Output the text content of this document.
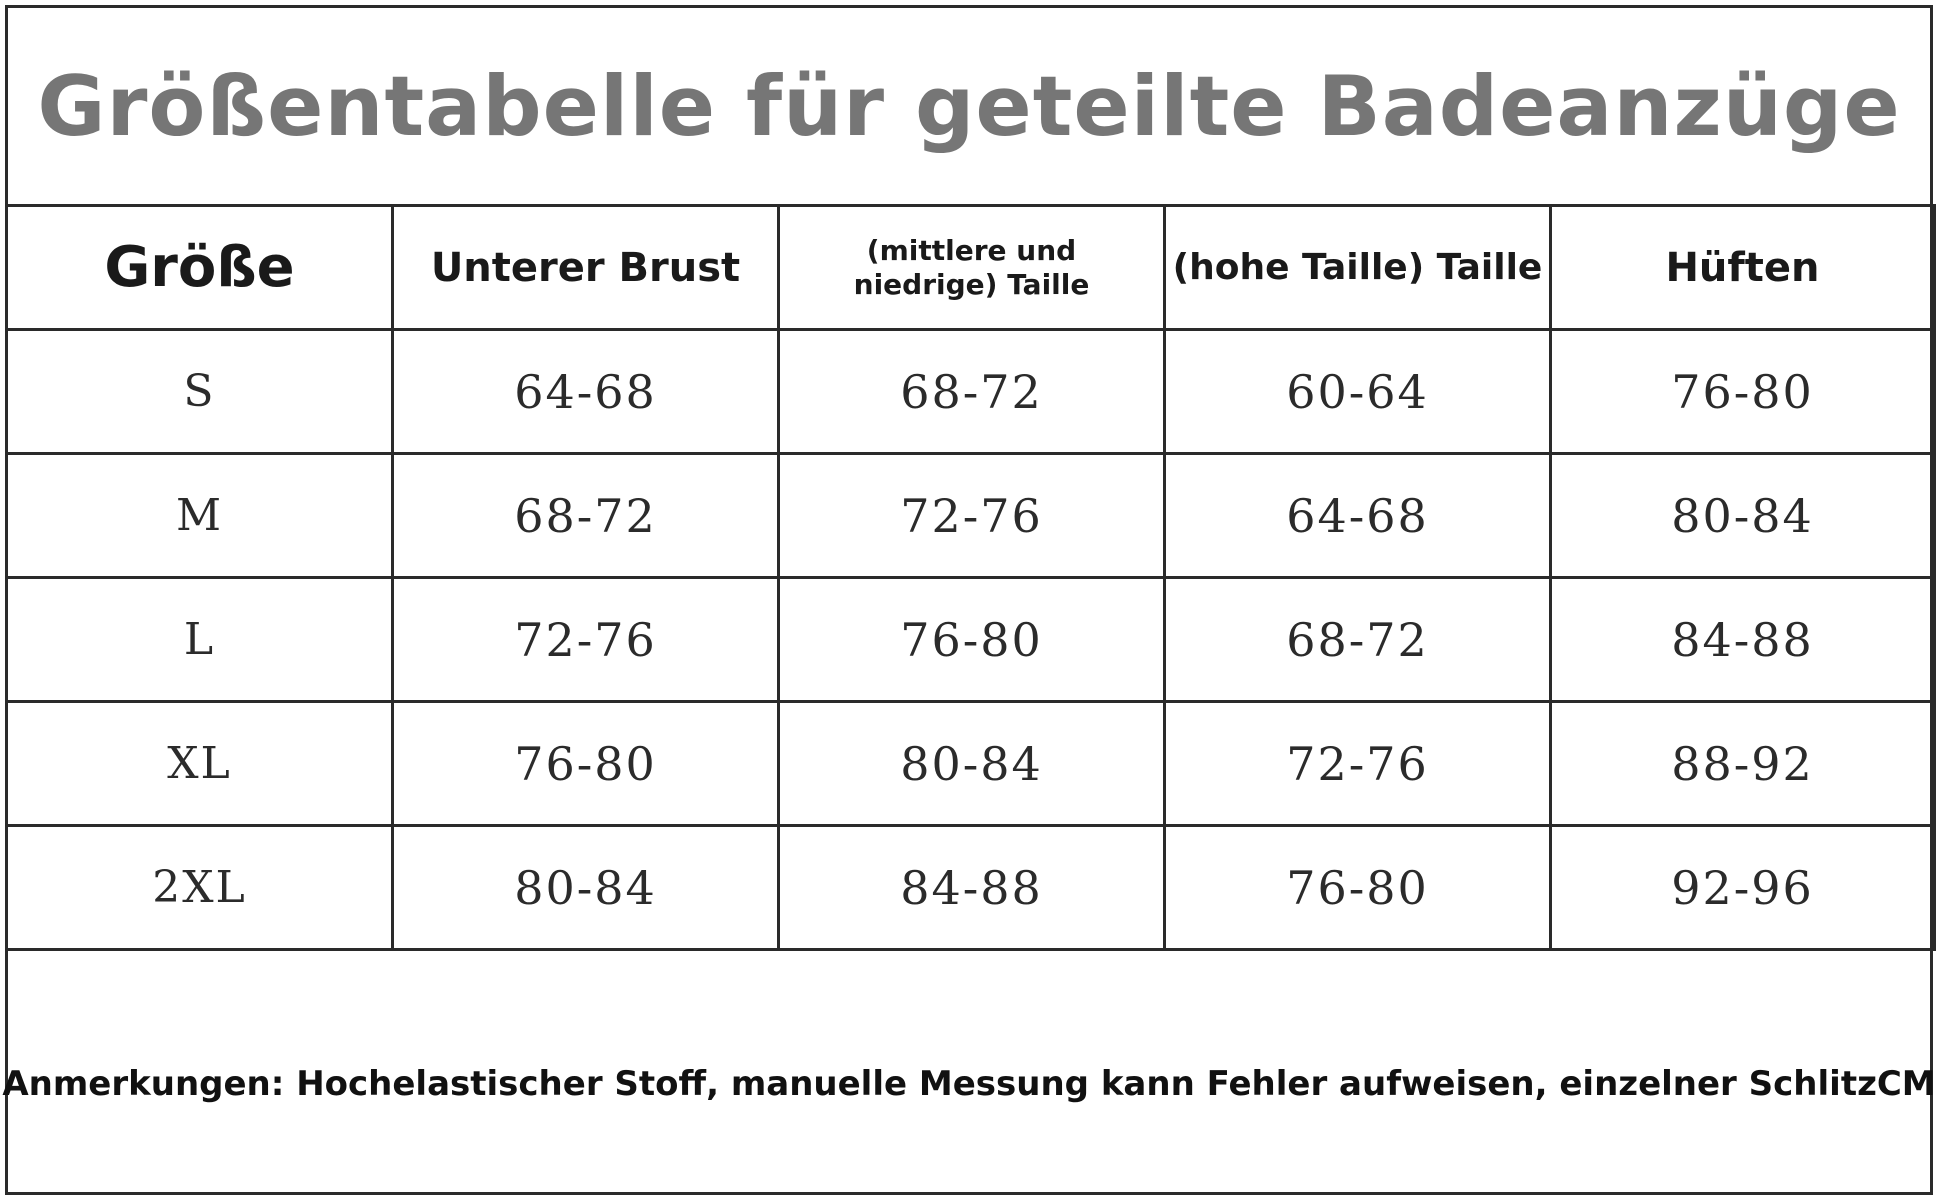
Größentabelle für geteilte Badeanzüge
Größe	Unterer Brust	(mittlere und niedrige) Taille	(hohe Taille) Taille	Hüften
S	64-68	68-72	60-64	76-80
M	68-72	72-76	64-68	80-84
L	72-76	76-80	68-72	84-88
XL	76-80	80-84	72-76	88-92
2XL	80-84	84-88	76-80	92-96
Anmerkungen: Hochelastischer Stoff, manuelle Messung kann Fehler aufweisen, einzelner SchlitzCM
